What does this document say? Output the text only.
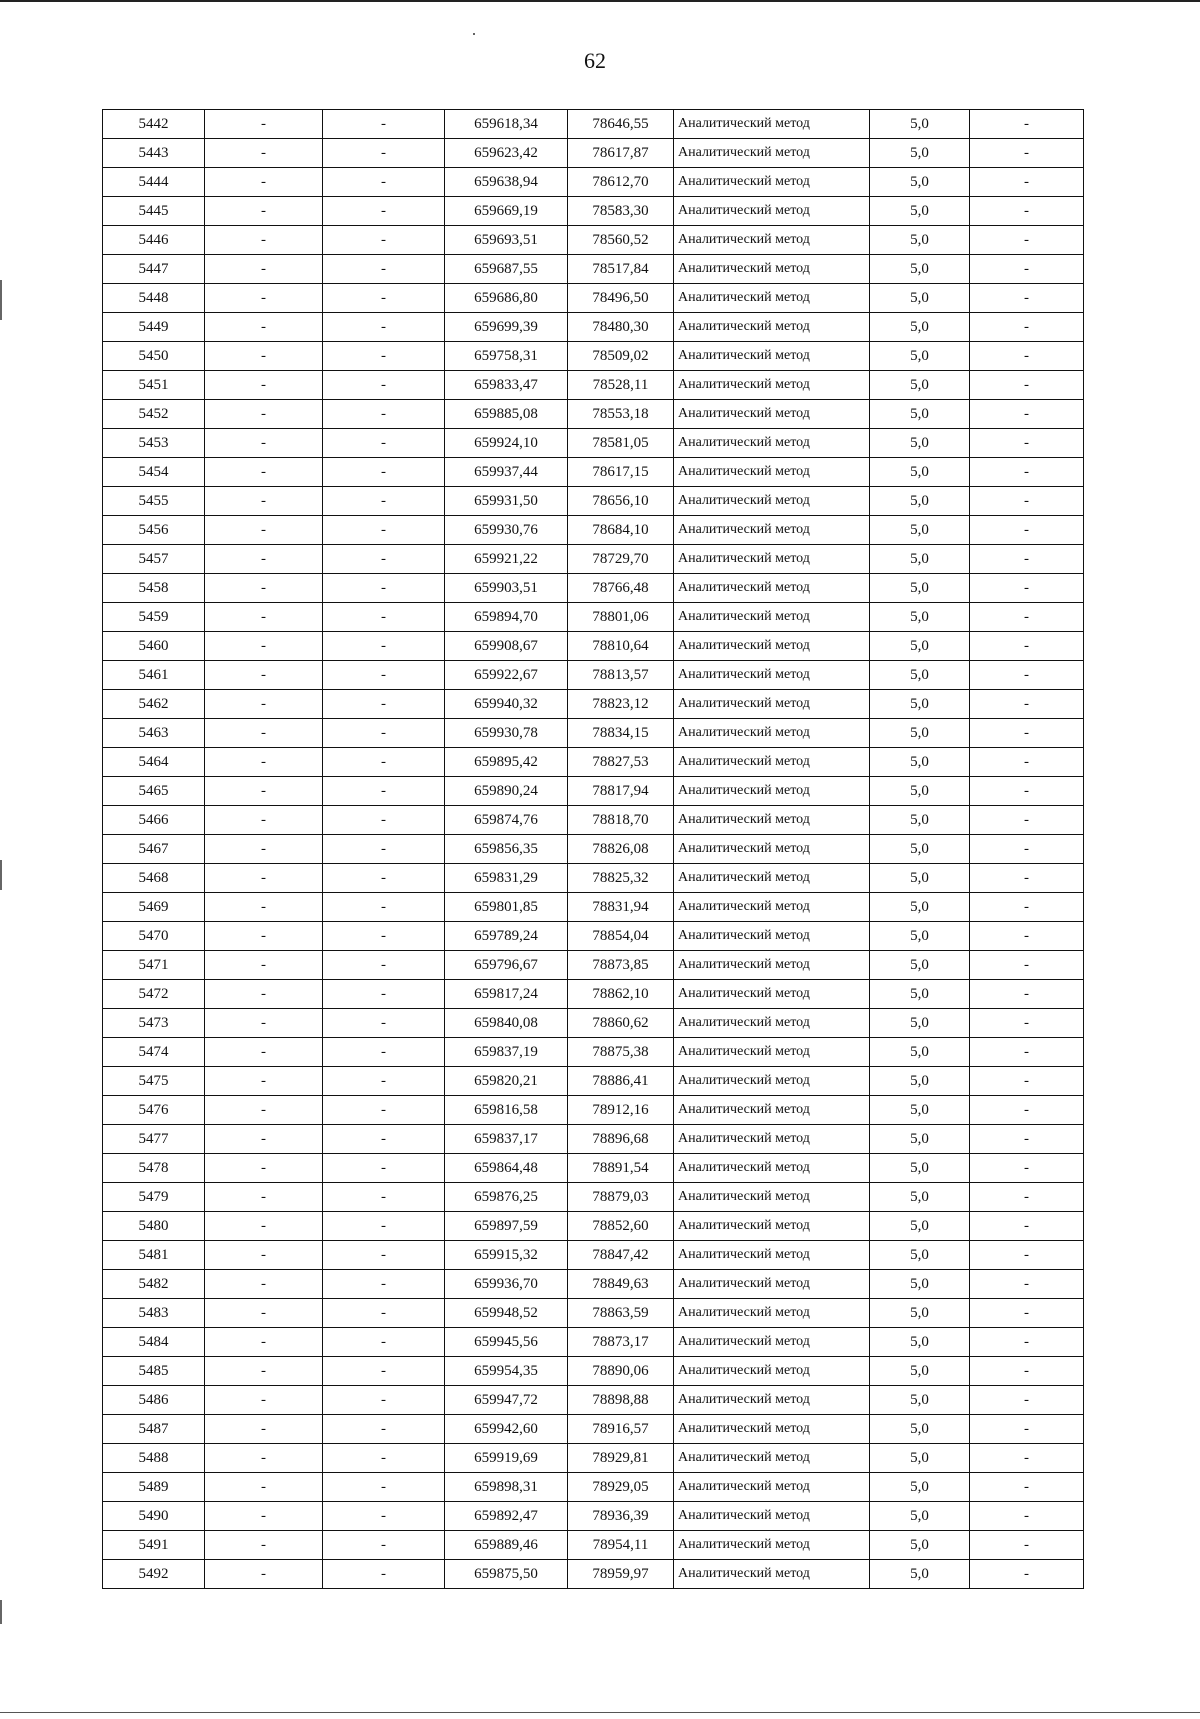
62
5442	-	-	659618,34	78646,55	Аналитический метод	5,0	-
5443	-	-	659623,42	78617,87	Аналитический метод	5,0	-
5444	-	-	659638,94	78612,70	Аналитический метод	5,0	-
5445	-	-	659669,19	78583,30	Аналитический метод	5,0	-
5446	-	-	659693,51	78560,52	Аналитический метод	5,0	-
5447	-	-	659687,55	78517,84	Аналитический метод	5,0	-
5448	-	-	659686,80	78496,50	Аналитический метод	5,0	-
5449	-	-	659699,39	78480,30	Аналитический метод	5,0	-
5450	-	-	659758,31	78509,02	Аналитический метод	5,0	-
5451	-	-	659833,47	78528,11	Аналитический метод	5,0	-
5452	-	-	659885,08	78553,18	Аналитический метод	5,0	-
5453	-	-	659924,10	78581,05	Аналитический метод	5,0	-
5454	-	-	659937,44	78617,15	Аналитический метод	5,0	-
5455	-	-	659931,50	78656,10	Аналитический метод	5,0	-
5456	-	-	659930,76	78684,10	Аналитический метод	5,0	-
5457	-	-	659921,22	78729,70	Аналитический метод	5,0	-
5458	-	-	659903,51	78766,48	Аналитический метод	5,0	-
5459	-	-	659894,70	78801,06	Аналитический метод	5,0	-
5460	-	-	659908,67	78810,64	Аналитический метод	5,0	-
5461	-	-	659922,67	78813,57	Аналитический метод	5,0	-
5462	-	-	659940,32	78823,12	Аналитический метод	5,0	-
5463	-	-	659930,78	78834,15	Аналитический метод	5,0	-
5464	-	-	659895,42	78827,53	Аналитический метод	5,0	-
5465	-	-	659890,24	78817,94	Аналитический метод	5,0	-
5466	-	-	659874,76	78818,70	Аналитический метод	5,0	-
5467	-	-	659856,35	78826,08	Аналитический метод	5,0	-
5468	-	-	659831,29	78825,32	Аналитический метод	5,0	-
5469	-	-	659801,85	78831,94	Аналитический метод	5,0	-
5470	-	-	659789,24	78854,04	Аналитический метод	5,0	-
5471	-	-	659796,67	78873,85	Аналитический метод	5,0	-
5472	-	-	659817,24	78862,10	Аналитический метод	5,0	-
5473	-	-	659840,08	78860,62	Аналитический метод	5,0	-
5474	-	-	659837,19	78875,38	Аналитический метод	5,0	-
5475	-	-	659820,21	78886,41	Аналитический метод	5,0	-
5476	-	-	659816,58	78912,16	Аналитический метод	5,0	-
5477	-	-	659837,17	78896,68	Аналитический метод	5,0	-
5478	-	-	659864,48	78891,54	Аналитический метод	5,0	-
5479	-	-	659876,25	78879,03	Аналитический метод	5,0	-
5480	-	-	659897,59	78852,60	Аналитический метод	5,0	-
5481	-	-	659915,32	78847,42	Аналитический метод	5,0	-
5482	-	-	659936,70	78849,63	Аналитический метод	5,0	-
5483	-	-	659948,52	78863,59	Аналитический метод	5,0	-
5484	-	-	659945,56	78873,17	Аналитический метод	5,0	-
5485	-	-	659954,35	78890,06	Аналитический метод	5,0	-
5486	-	-	659947,72	78898,88	Аналитический метод	5,0	-
5487	-	-	659942,60	78916,57	Аналитический метод	5,0	-
5488	-	-	659919,69	78929,81	Аналитический метод	5,0	-
5489	-	-	659898,31	78929,05	Аналитический метод	5,0	-
5490	-	-	659892,47	78936,39	Аналитический метод	5,0	-
5491	-	-	659889,46	78954,11	Аналитический метод	5,0	-
5492	-	-	659875,50	78959,97	Аналитический метод	5,0	-
